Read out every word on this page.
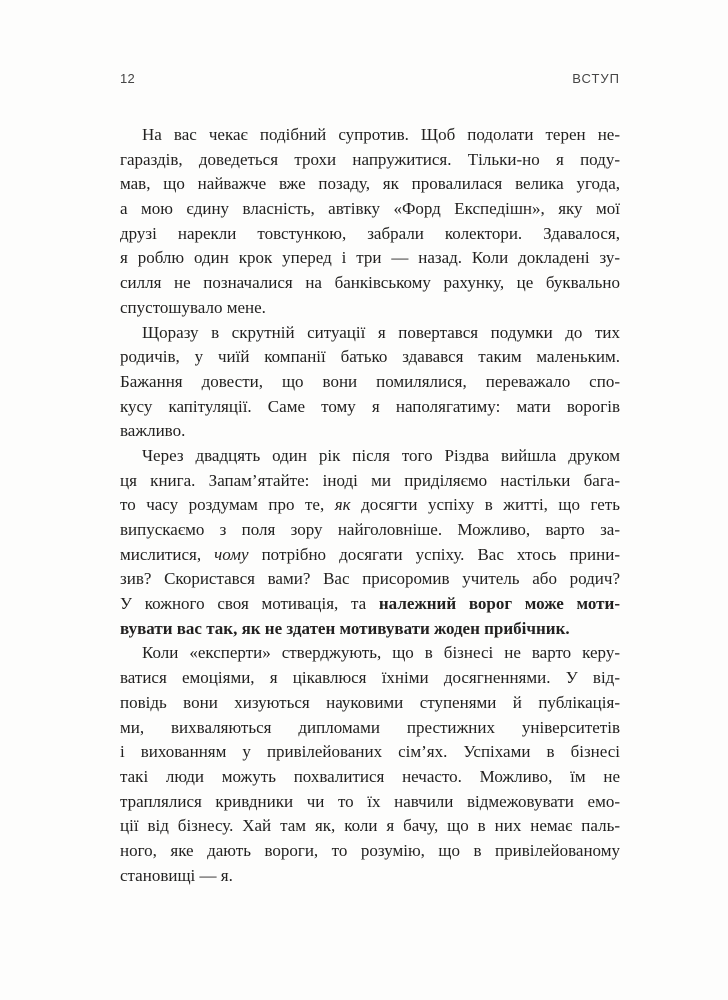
12	ВСТУП
На вас чекає подібний супротив. Щоб подолати терен не-
гараздів, доведеться трохи напружитися. Тільки-но я поду-
мав, що найважче вже позаду, як провалилася велика угода,
а мою єдину власність, автівку «Форд Експедішн», яку мої
друзі нарекли товстункою, забрали колектори. Здавалося,
я роблю один крок уперед і три — назад. Коли докладені зу-
силля не позначалися на банківському рахунку, це буквально
спустошувало мене.
Щоразу в скрутній ситуації я повертався подумки до тих
родичів, у чиїй компанії батько здавався таким маленьким.
Бажання довести, що вони помилялися, переважало спо-
кусу капітуляції. Саме тому я наполягатиму: мати ворогів
важливо.
Через двадцять один рік після того Різдва вийшла друком
ця книга. Запам’ятайте: іноді ми приділяємо настільки бага-
то часу роздумам про те, як досягти успіху в житті, що геть
випускаємо з поля зору найголовніше. Можливо, варто за-
мислитися, чому потрібно досягати успіху. Вас хтось прини-
зив? Скористався вами? Вас присоромив учитель або родич?
У кожного своя мотивація, та належний ворог може моти-
вувати вас так, як не здатен мотивувати жоден прибічник.
Коли «експерти» стверджують, що в бізнесі не варто керу-
ватися емоціями, я цікавлюся їхніми досягненнями. У від-
повідь вони хизуються науковими ступенями й публікація-
ми, вихваляються дипломами престижних університетів
і вихованням у привілейованих сім’ях. Успіхами в бізнесі
такі люди можуть похвалитися нечасто. Можливо, їм не
траплялися кривдники чи то їх навчили відмежовувати емо-
ції від бізнесу. Хай там як, коли я бачу, що в них немає паль-
ного, яке дають вороги, то розумію, що в привілейованому
становищі — я.
